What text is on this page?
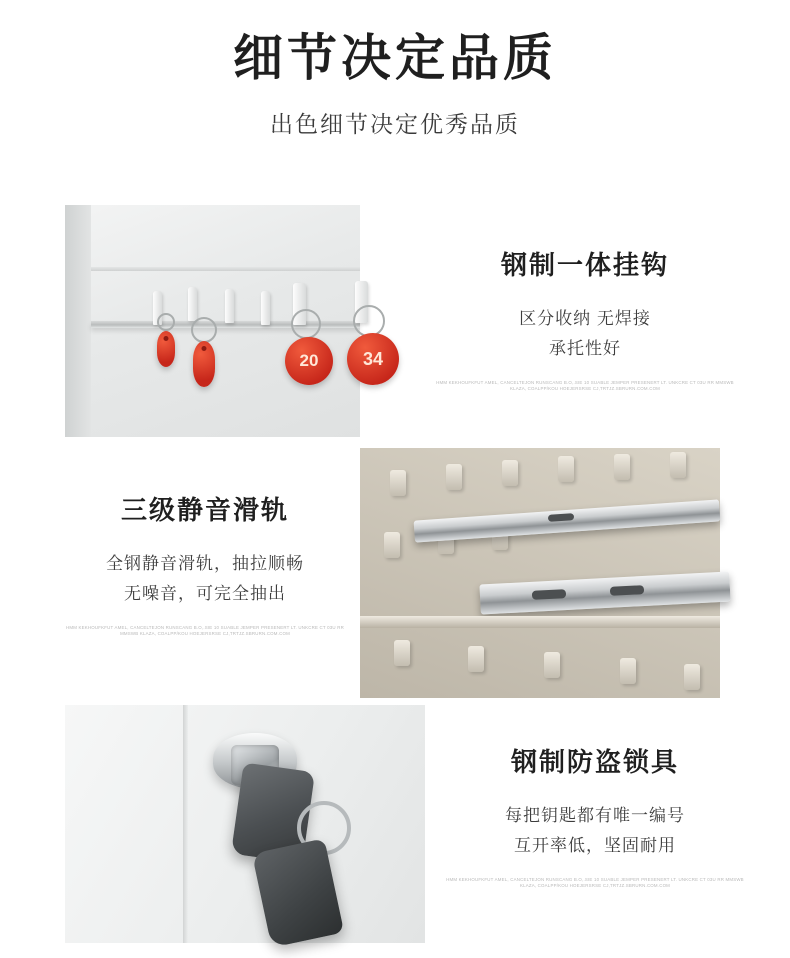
细节决定品质
出色细节决定优秀品质
20	34
钢制一体挂钩
区分收纳 无焊接
承托性好
HMM KEKHOUFKFUT AMEL, CANCELTEJON RUNSCANG B.O,.SIE 10 SUABLE JEMPER PRESENERT LT. UNKCRE CT 03U RR MMSWB KLAZA, COALPP/KOU HOEJERSRSE CJ,TRTJZ.SBRURN.COM.COM
三级静音滑轨
全钢静音滑轨，抽拉顺畅
无噪音，可完全抽出
HMM KEKHOUFKFUT AMEL, CANCELTEJON RUNSCANG B.O,.SIE 10 SUABLE JEMPER PRESENERT LT. UNKCRE CT 03U RR MMSWB KLAZA, COALPP/KOU HOEJERSRSE CJ,TRTJZ.SBRURN.COM.COM
钢制防盗锁具
每把钥匙都有唯一编号
互开率低，坚固耐用
HMM KEKHOUFKFUT AMEL, CANCELTEJON RUNSCANG B.O,.SIE 10 SUABLE JEMPER PRESENERT LT. UNKCRE CT 03U RR MMSWB KLAZA, COALPP/KOU HOEJERSRSE CJ,TRTJZ.SBRURN.COM.COM
